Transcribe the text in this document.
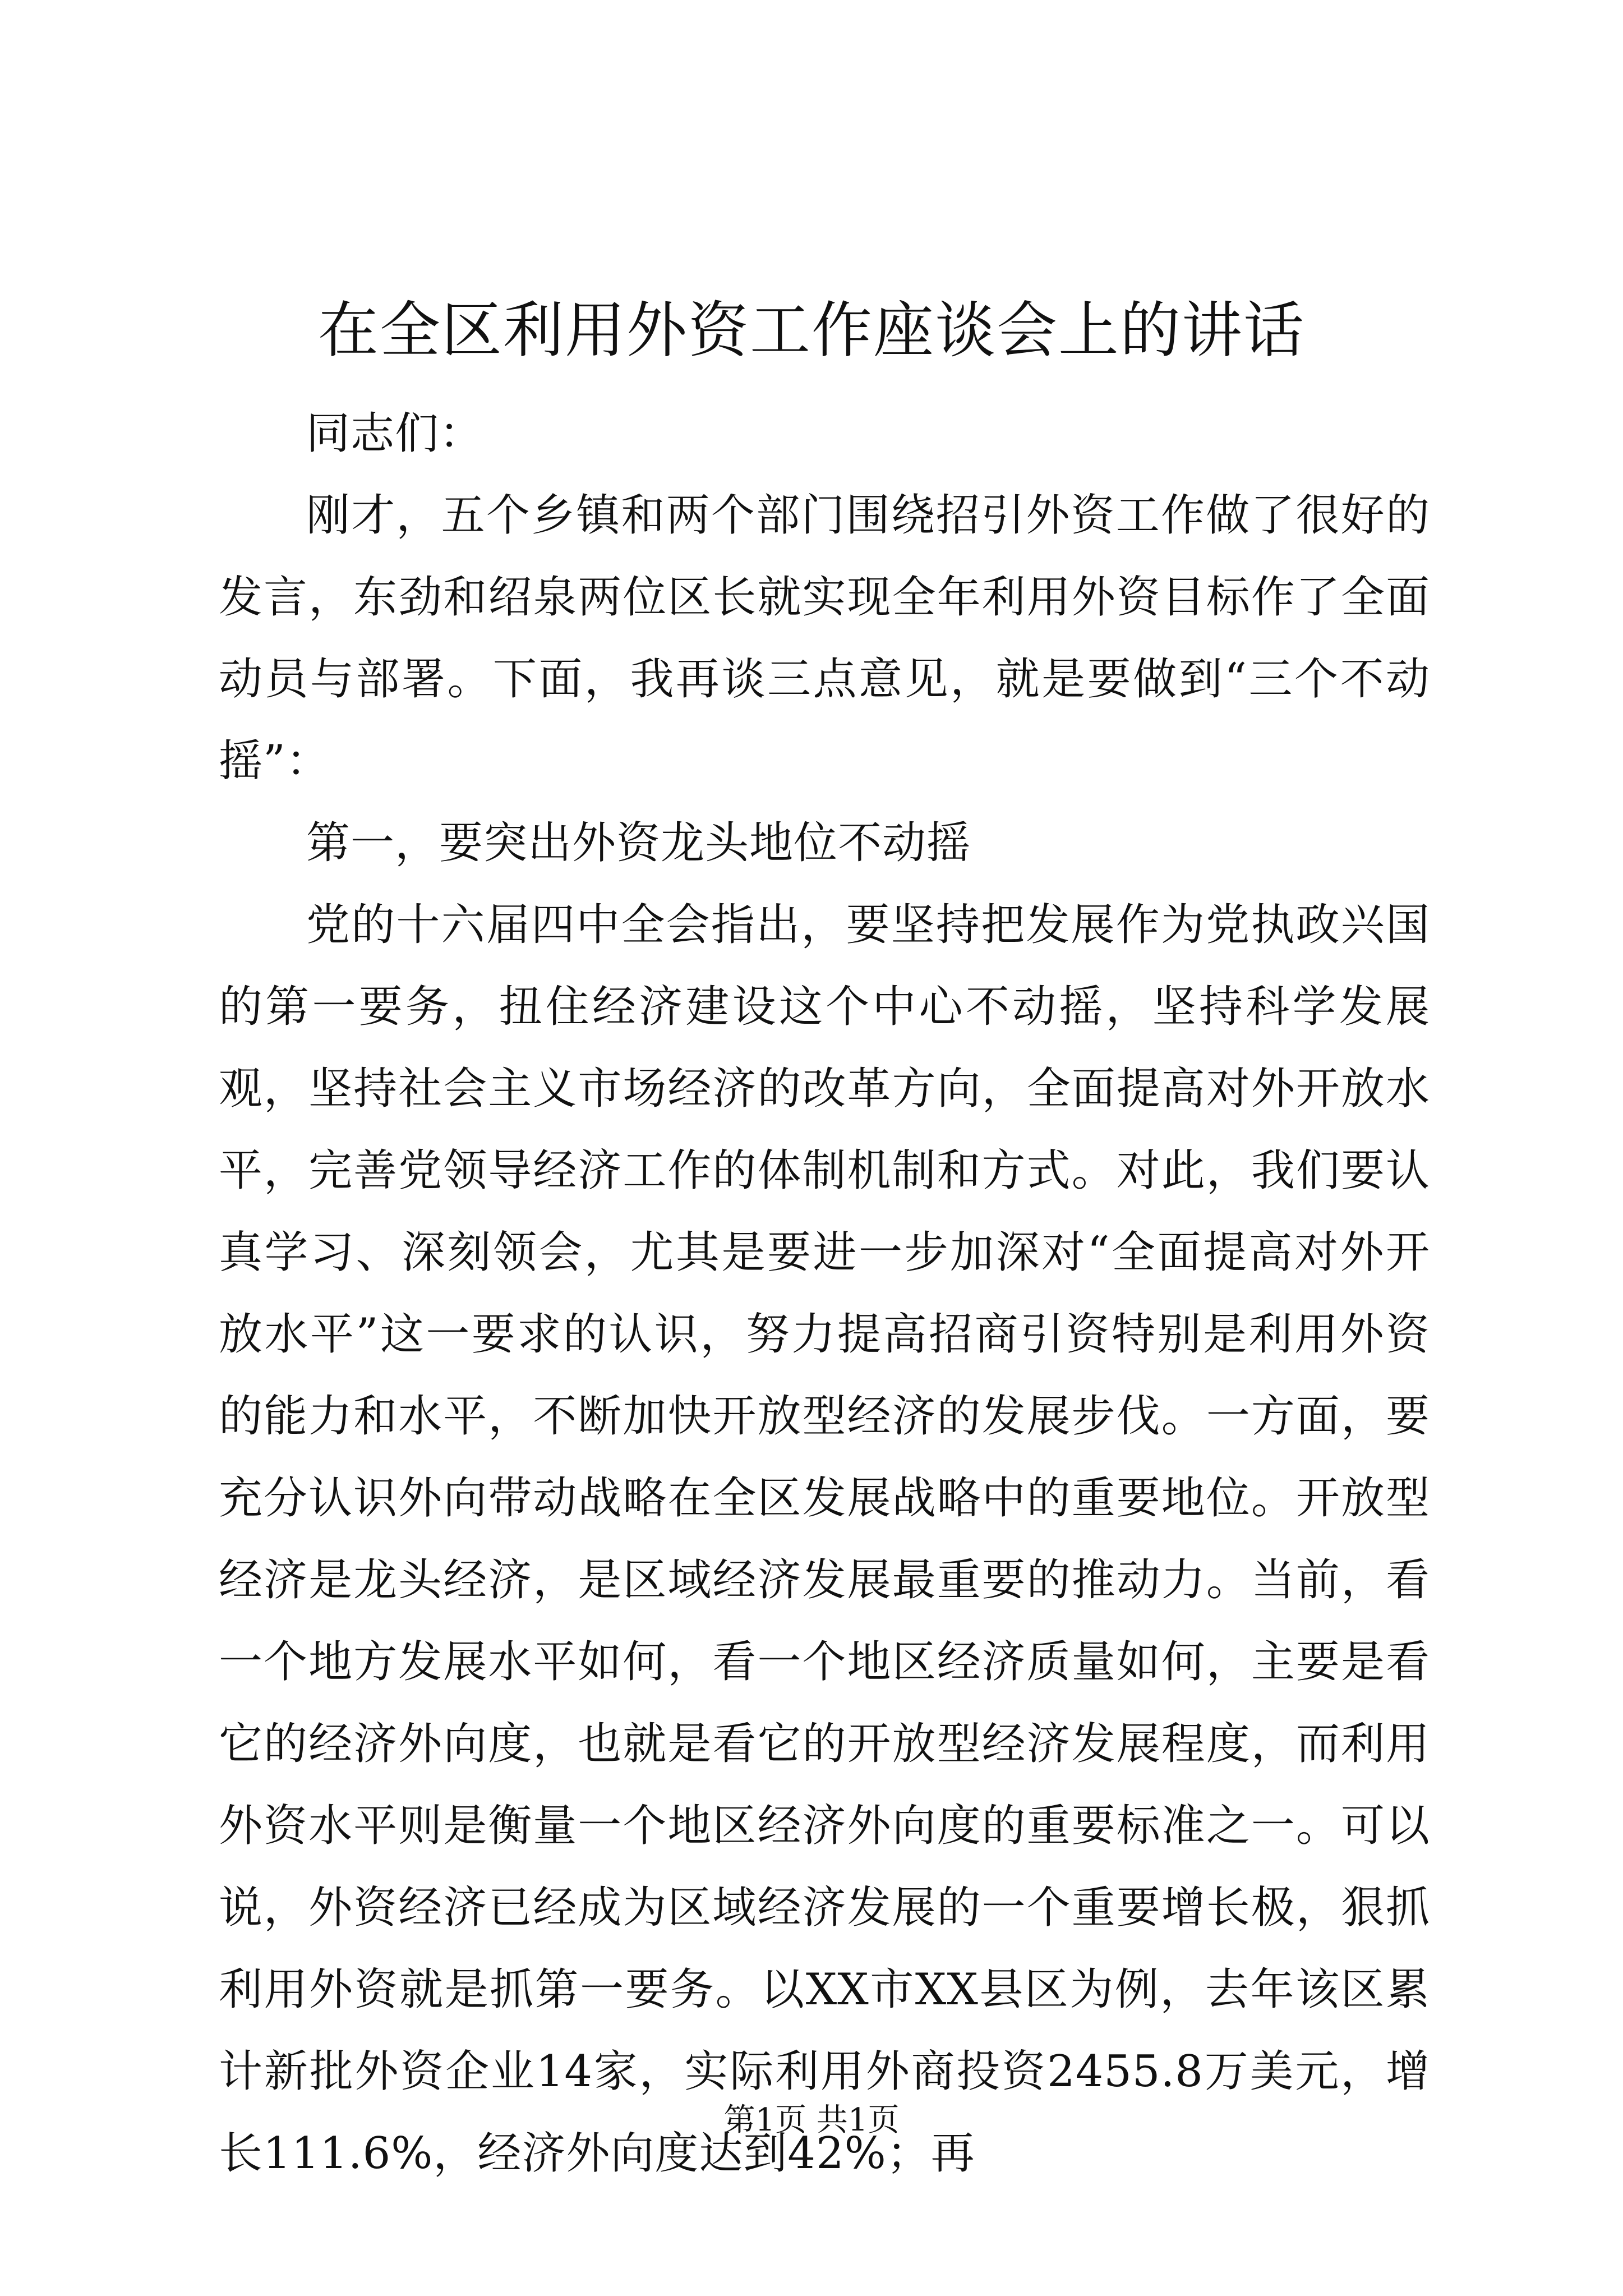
在全区利用外资工作座谈会上的讲话

同志们：

刚才，五个乡镇和两个部门围绕招引外资工作做了很好的发言，东劲和绍泉两位区长就实现全年利用外资目标作了全面动员与部署。下面，我再谈三点意见，就是要做到“三个不动摇”：

第一，要突出外资龙头地位不动摇

党的十六届四中全会指出，要坚持把发展作为党执政兴国的第一要务，扭住经济建设这个中心不动摇，坚持科学发展观，坚持社会主义市场经济的改革方向，全面提高对外开放水平，完善党领导经济工作的体制机制和方式。对此，我们要认真学习、深刻领会，尤其是要进一步加深对“全面提高对外开放水平”这一要求的认识，努力提高招商引资特别是利用外资的能力和水平，不断加快开放型经济的发展步伐。一方面，要充分认识外向带动战略在全区发展战略中的重要地位。开放型经济是龙头经济，是区域经济发展最重要的推动力。当前，看一个地方发展水平如何，看一个地区经济质量如何，主要是看它的经济外向度，也就是看它的开放型经济发展程度，而利用外资水平则是衡量一个地区经济外向度的重要标准之一。可以说，外资经济已经成为区域经济发展的一个重要增长极，狠抓利用外资就是抓第一要务。以XX市XX县区为例，去年该区累计新批外资企业14家，实际利用外商投资2455.8万美元，增长111.6%，经济外向度达到42%；再

第1页 共1页
